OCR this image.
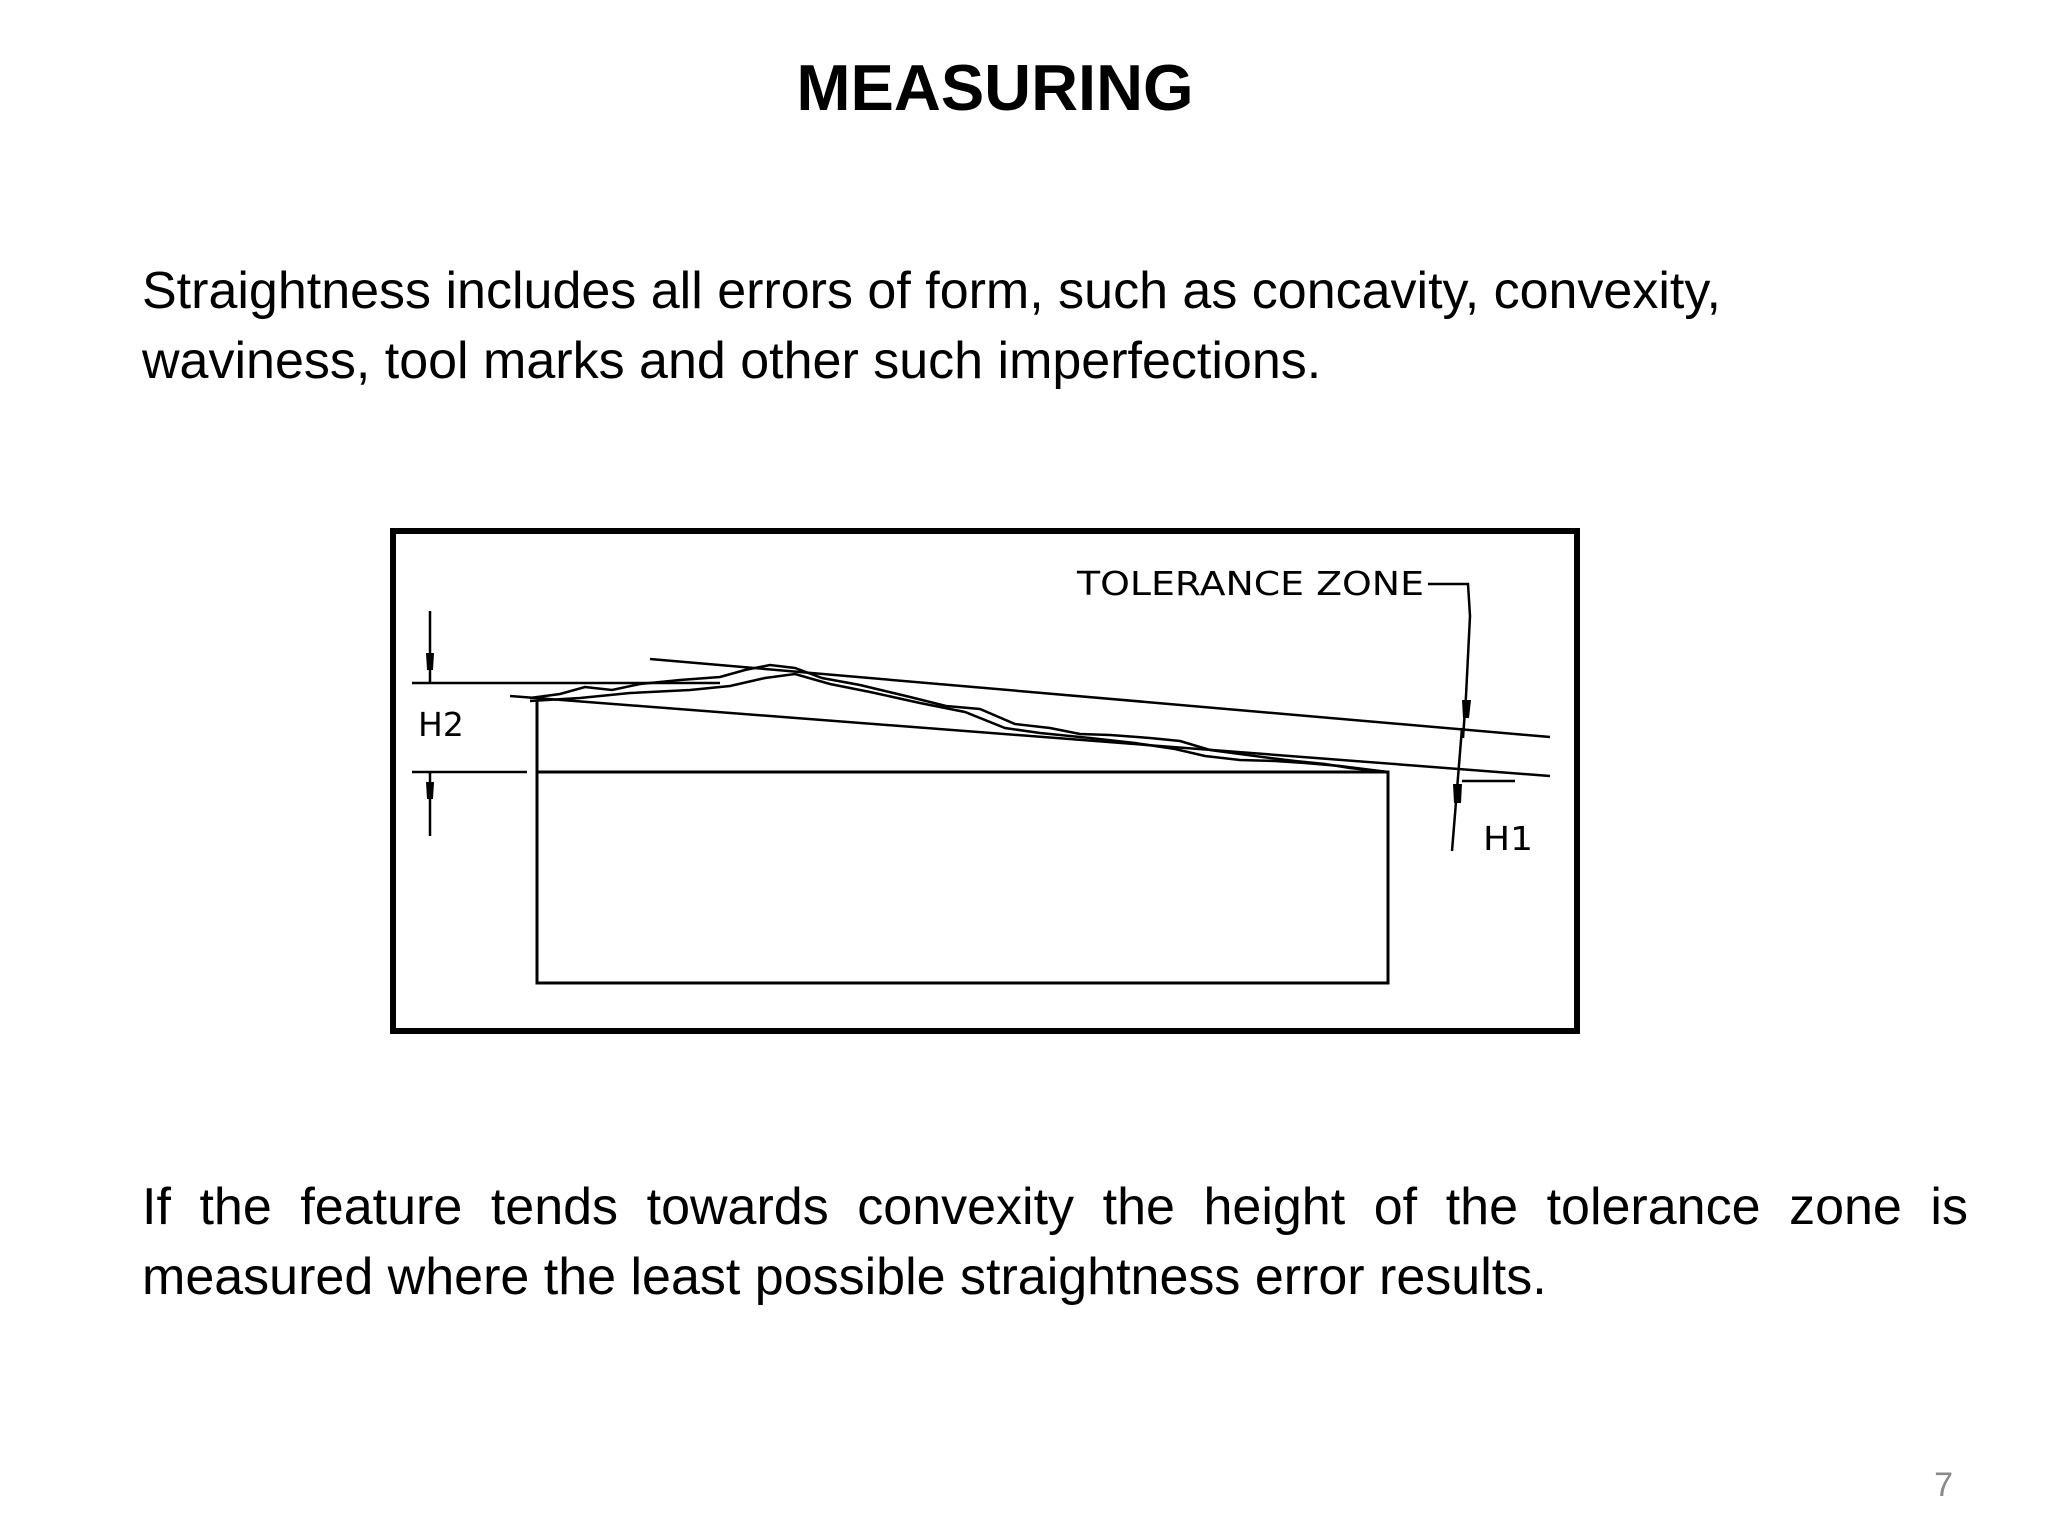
MEASURING

Straightness includes all errors of form, such as concavity, convexity, waviness, tool marks and other such imperfections.

TOLERANCE ZONE
H2
H1

If the feature tends towards convexity the height of the tolerance zone is measured where the least possible straightness error results.

7
